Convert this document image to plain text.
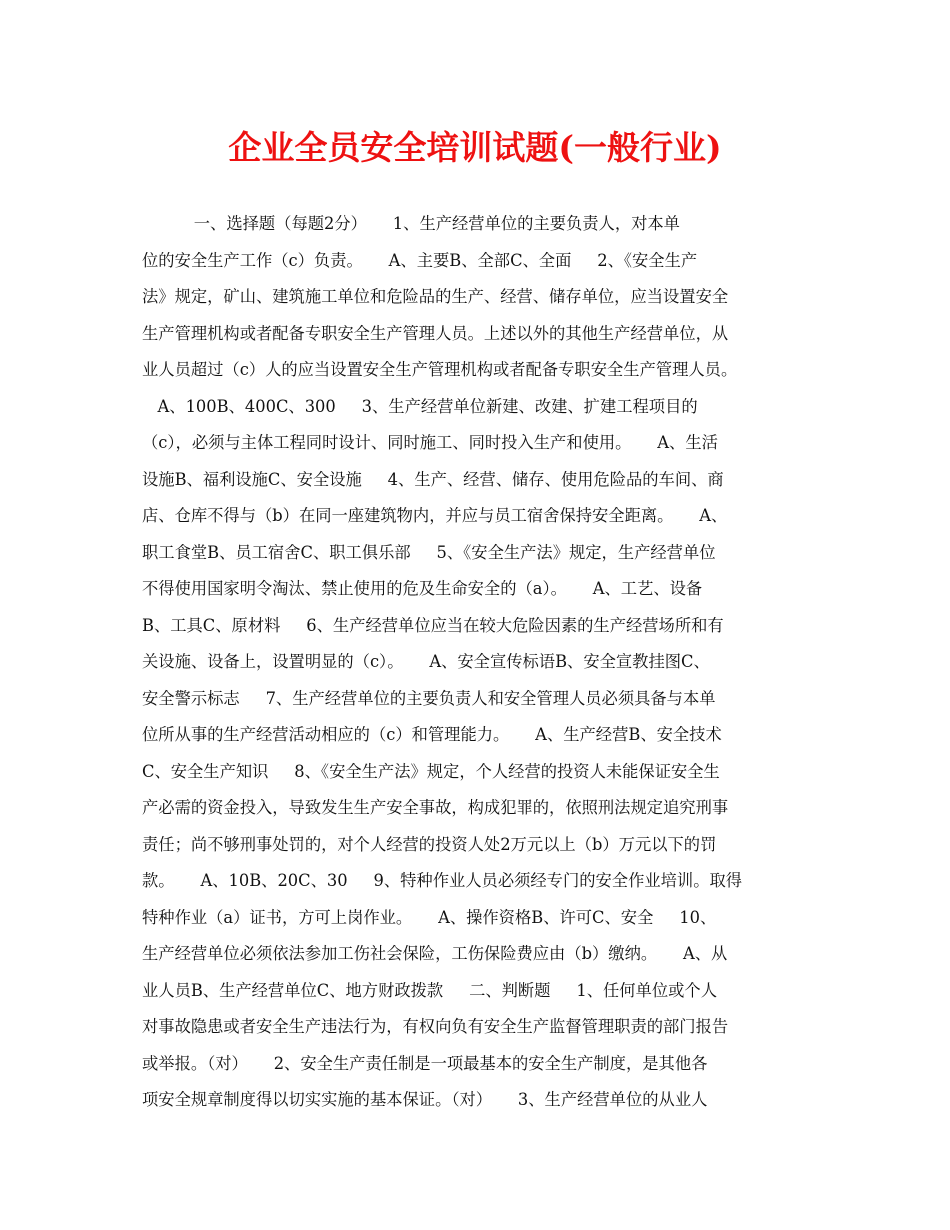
企业全员安全培训试题(一般行业)

一、选择题（每题2分）     1、生产经营单位的主要负责人，对本单

位的安全生产工作（c）负责。     A、主要B、全部C、全面     2、《安全生产

法》规定，矿山、建筑施工单位和危险品的生产、经营、储存单位，应当设置安全

生产管理机构或者配备专职安全生产管理人员。上述以外的其他生产经营单位，从

业人员超过（c）人的应当设置安全生产管理机构或者配备专职安全生产管理人员。

A、100B、400C、300     3、生产经营单位新建、改建、扩建工程项目的

（c），必须与主体工程同时设计、同时施工、同时投入生产和使用。     A、生活

设施B、福利设施C、安全设施     4、生产、经营、储存、使用危险品的车间、商

店、仓库不得与（b）在同一座建筑物内，并应与员工宿舍保持安全距离。     A、

职工食堂B、员工宿舍C、职工俱乐部     5、《安全生产法》规定，生产经营单位

不得使用国家明令淘汰、禁止使用的危及生命安全的（a）。     A、工艺、设备

B、工具C、原材料     6、生产经营单位应当在较大危险因素的生产经营场所和有

关设施、设备上，设置明显的（c）。     A、安全宣传标语B、安全宣教挂图C、

安全警示标志     7、生产经营单位的主要负责人和安全管理人员必须具备与本单

位所从事的生产经营活动相应的（c）和管理能力。     A、生产经营B、安全技术

C、安全生产知识     8、《安全生产法》规定，个人经营的投资人未能保证安全生

产必需的资金投入，导致发生生产安全事故，构成犯罪的，依照刑法规定追究刑事

责任；尚不够刑事处罚的，对个人经营的投资人处2万元以上（b）万元以下的罚

款。     A、10B、20C、30     9、特种作业人员必须经专门的安全作业培训。取得

特种作业（a）证书，方可上岗作业。     A、操作资格B、许可C、安全     10、

生产经营单位必须依法参加工伤社会保险，工伤保险费应由（b）缴纳。     A、从

业人员B、生产经营单位C、地方财政拨款     二、判断题     1、任何单位或个人

对事故隐患或者安全生产违法行为，有权向负有安全生产监督管理职责的部门报告

或举报。（对）     2、安全生产责任制是一项最基本的安全生产制度，是其他各

项安全规章制度得以切实实施的基本保证。（对）     3、生产经营单位的从业人
